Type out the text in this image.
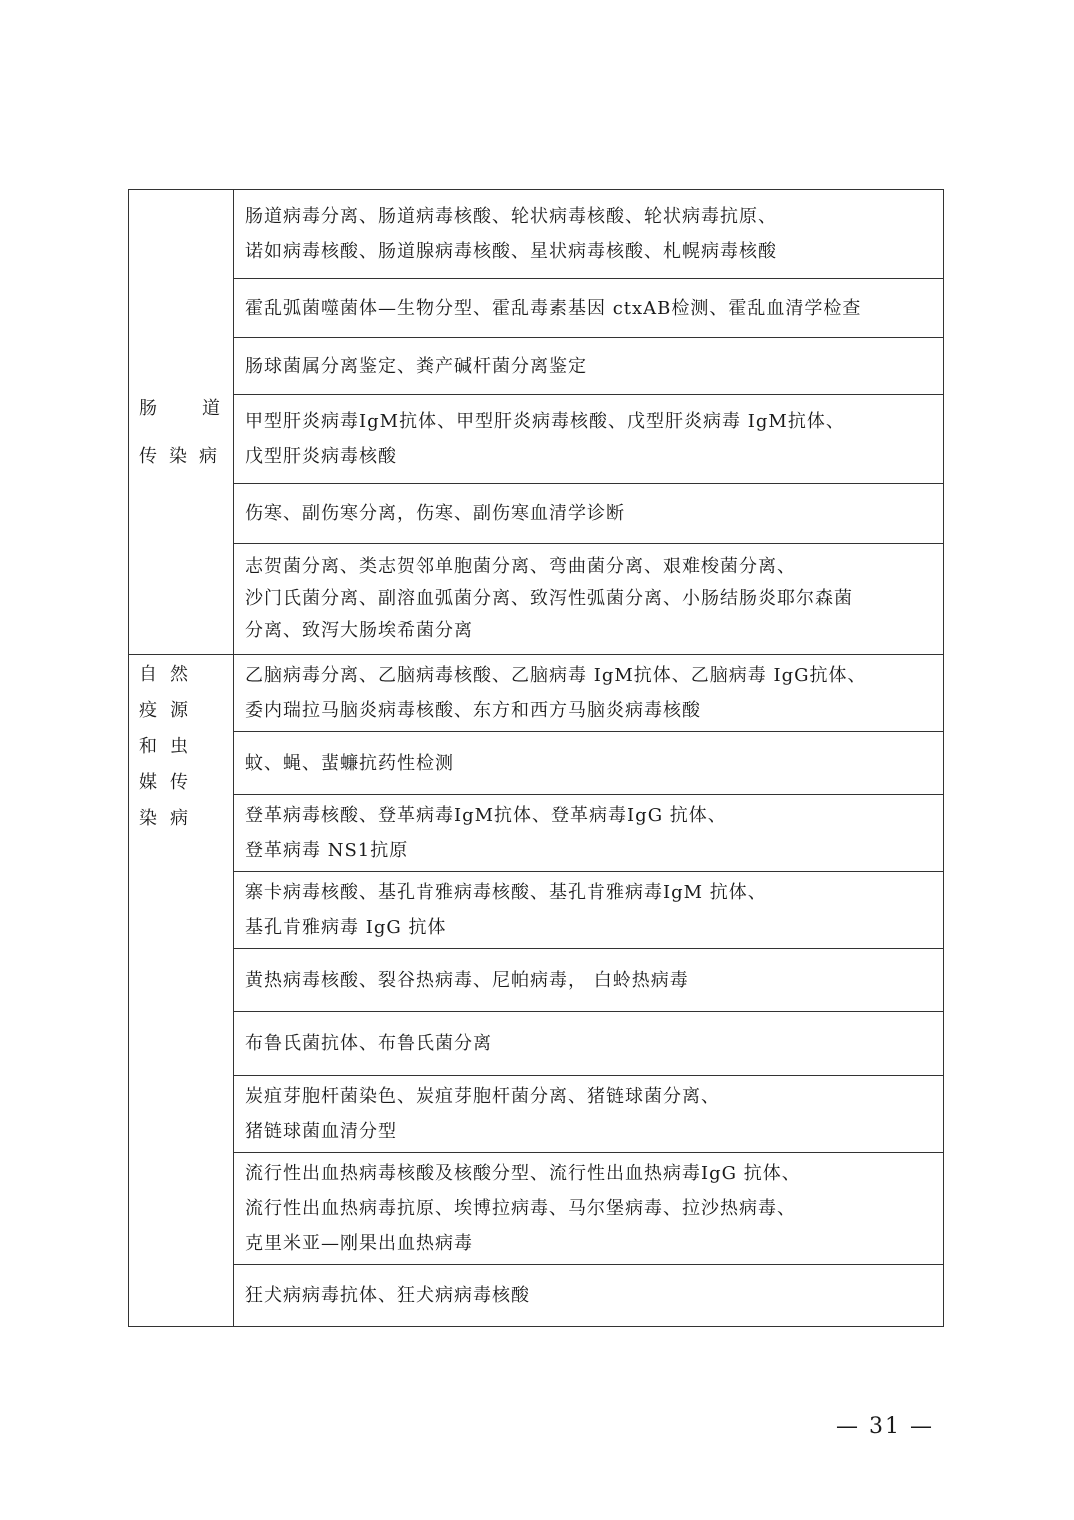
肠 道
传染病	肠道病毒分离、肠道病毒核酸、轮状病毒核酸、轮状病毒抗原、
诺如病毒核酸、肠道腺病毒核酸、星状病毒核酸、札幌病毒核酸

	霍乱弧菌噬菌体—生物分型、霍乱毒素基因 ctxAB检测、霍乱血清学检查

	肠球菌属分离鉴定、粪产碱杆菌分离鉴定

	甲型肝炎病毒IgM抗体、甲型肝炎病毒核酸、戊型肝炎病毒 IgM抗体、
戊型肝炎病毒核酸

	伤寒、副伤寒分离，伤寒、副伤寒血清学诊断

	志贺菌分离、类志贺邻单胞菌分离、弯曲菌分离、艰难梭菌分离、
沙门氏菌分离、副溶血弧菌分离、致泻性弧菌分离、小肠结肠炎耶尔森菌
分离、致泻大肠埃希菌分离

自然疫源和虫媒传染病	乙脑病毒分离、乙脑病毒核酸、乙脑病毒 IgM抗体、乙脑病毒 IgG抗体、
委内瑞拉马脑炎病毒核酸、东方和西方马脑炎病毒核酸

	蚊、蝇、蜚蠊抗药性检测

	登革病毒核酸、登革病毒IgM抗体、登革病毒IgG 抗体、
登革病毒 NS1抗原

	寨卡病毒核酸、基孔肯雅病毒核酸、基孔肯雅病毒IgM 抗体、
基孔肯雅病毒 IgG 抗体

	黄热病毒核酸、裂谷热病毒、尼帕病毒， 白蛉热病毒

	布鲁氏菌抗体、布鲁氏菌分离

	炭疽芽胞杆菌染色、炭疽芽胞杆菌分离、猪链球菌分离、
猪链球菌血清分型

	流行性出血热病毒核酸及核酸分型、流行性出血热病毒IgG 抗体、
流行性出血热病毒抗原、埃博拉病毒、马尔堡病毒、拉沙热病毒、
克里米亚—刚果出血热病毒

	狂犬病病毒抗体、狂犬病病毒核酸
— 31 —
